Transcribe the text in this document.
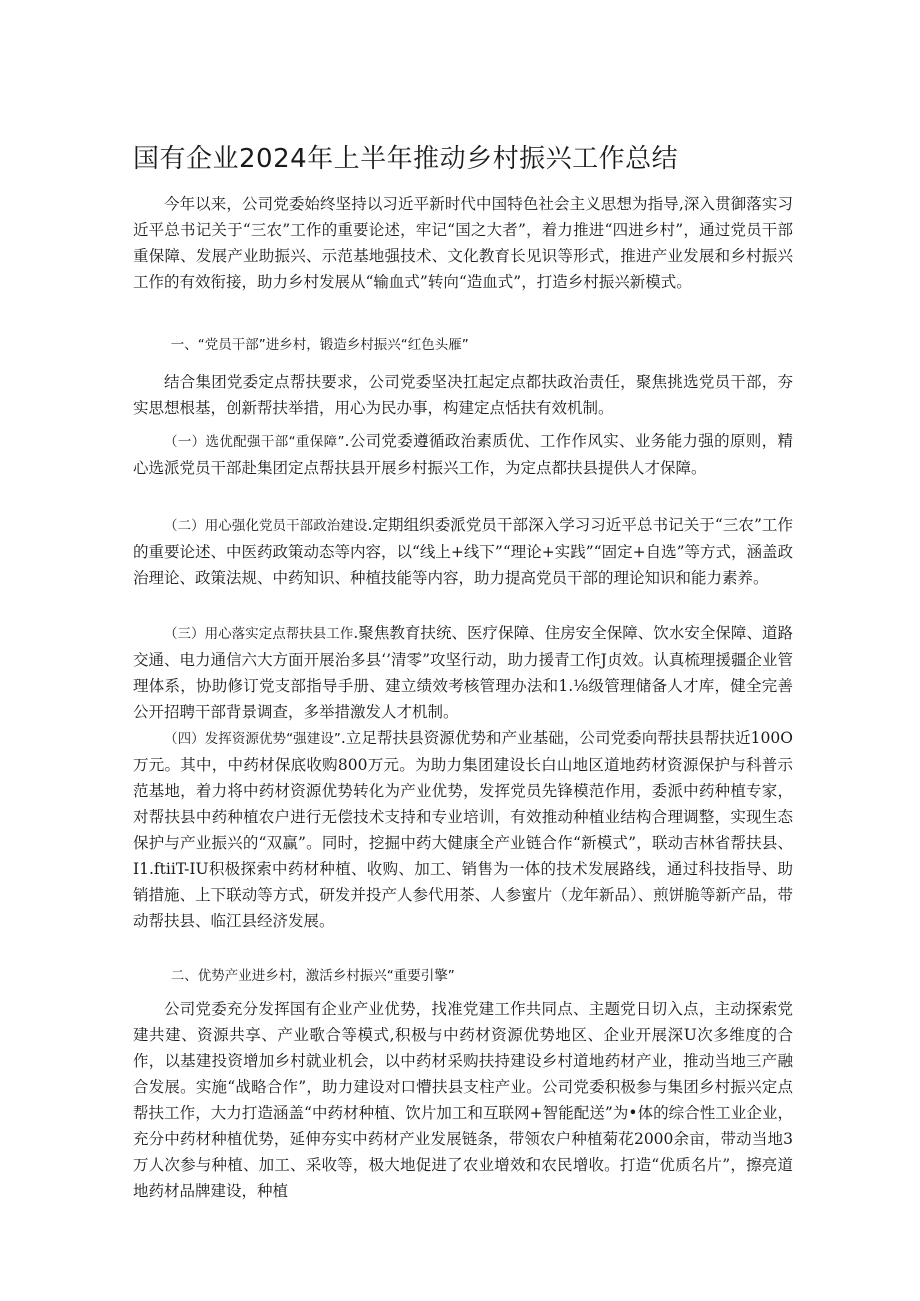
国有企业2024年上半年推动乡村振兴工作总结

今年以来，公司党委始终坚持以习近平新时代中国特色社会主义思想为指导,深入贯御落实习近平总书记关于“三农”工作的重要论述，牢记“国之大者”，着力推进“四进乡村”，通过党员干部重保障、发展产业助振兴、示范基地强技术、文化教育长见识等形式，推进产业发展和乡村振兴工作的有效衔接，助力乡村发展从“输血式”转向“造血式”，打造乡村振兴新模式。

一、“党员干部”进乡村，锻造乡村振兴“红色头雁”

结合集团党委定点帮扶要求，公司党委坚决扛起定点都扶政治责任，聚焦挑选党员干部，夯实思想根基，创新帮扶举措，用心为民办事，构建定点恬扶有效机制。

（一）选优配强干部“重保障”.公司党委遵循政治素质优、工作作风实、业务能力强的原则，精心选派党员干部赴集团定点帮扶县开展乡村振兴工作，为定点都扶县提供人才保障。

（二）用心强化党员干部政治建设.定期组织委派党员干部深入学习习近平总书记关于“三农”工作的重要论述、中医药政策动态等内容，以“线上+线下”“理论+实践”“固定+自选”等方式，涵盖政治理论、政策法规、中药知识、种植技能等内容，助力提高党员干部的理论知识和能力素养。

（三）用心落实定点帮扶县工作.聚焦教育扶统、医疗保障、住房安全保障、饮水安全保障、道路交通、电力通信六大方面开展治多县‘’清零”攻坚行动，助力援青工作J贞效。认真梳理援疆企业管理体系，协助修订党支部指导手册、建立绩效考核管理办法和1.⅛级管理储备人才库，健全完善公开招聘干部背景调查，多举措激发人才机制。

（四）发挥资源优势“强建设”.立足帮扶县资源优势和产业基础，公司党委向帮扶县帮扶近100O万元。其中，中药材保底收购800万元。为助力集团建设长白山地区道地药材资源保护与科普示范基地，着力将中药材资源优势转化为产业优势，发挥党员先锋模范作用，委派中药种植专家，对帮扶县中药种植农户进行无偿技术支持和专业培训，有效推动种植业结构合理调整，实现生态保护与产业振兴的“双赢”。同时，挖掘中药大健康全产业链合作“新模式”，联动吉林省帮扶县、I1.ftiiT-IU积极探索中药材种植、收购、加工、销售为一体的技术发展路线，通过科技指导、助销措施、上下联动等方式，研发并投产人参代用茶、人参蜜片（龙年新品）、煎饼脆等新产品，带动帮扶县、临江县经济发展。

二、优势产业进乡村，激活乡村振兴“重要引擎”

公司党委充分发挥国有企业产业优势，找准党建工作共同点、主题党日切入点，主动探索党建共建、资源共享、产业歌合等模式,积极与中药材资源优势地区、企业开展深U次多维度的合作，以基建投资增加乡村就业机会，以中药材采购扶持建设乡村道地药材产业，推动当地三产融合发展。实施“战略合作”，助力建设对口懵扶县支柱产业。公司党委积极参与集团乡村振兴定点帮扶工作，大力打造涵盖“中药材种植、饮片加工和互联网+智能配送”为•体的综合性工业企业，充分中药材种植优势，延伸夯实中药材产业发展链条，带领农户种植菊花2000余亩，带动当地3万人次参与种植、加工、采收等，极大地促进了农业增效和农民增收。打造“优质名片”，擦亮道地药材品牌建设，种植
